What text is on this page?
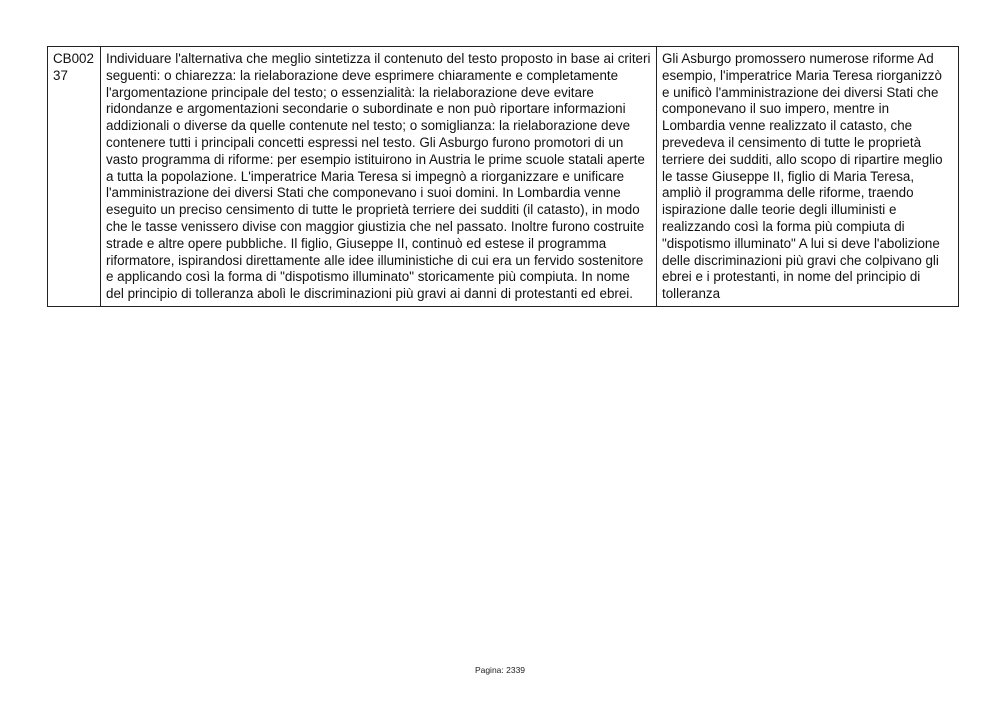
CB00237	Individuare l'alternativa che meglio sintetizza il contenuto del testo proposto in base ai criteri seguenti: o chiarezza: la rielaborazione deve esprimere chiaramente e completamente l'argomentazione principale del testo; o essenzialità: la rielaborazione deve evitare ridondanze e argomentazioni secondarie o subordinate e non può riportare informazioni addizionali o diverse da quelle contenute nel testo; o somiglianza: la rielaborazione deve contenere tutti i principali concetti espressi nel testo. Gli Asburgo furono promotori di un vasto programma di riforme: per esempio istituirono in Austria le prime scuole statali aperte a tutta la popolazione. L'imperatrice Maria Teresa si impegnò a riorganizzare e unificare l'amministrazione dei diversi Stati che componevano i suoi domini. In Lombardia venne eseguito un preciso censimento di tutte le proprietà terriere dei sudditi (il catasto), in modo che le tasse venissero divise con maggior giustizia che nel passato. Inoltre furono costruite strade e altre opere pubbliche. Il figlio, Giuseppe II, continuò ed estese il programma riformatore, ispirandosi direttamente alle idee illuministiche di cui era un fervido sostenitore e applicando così la forma di "dispotismo illuminato" storicamente più compiuta. In nome del principio di tolleranza abolì le discriminazioni più gravi ai danni di protestanti ed ebrei.	Gli Asburgo promossero numerose riforme Ad esempio, l'imperatrice Maria Teresa riorganizzò e unificò l'amministrazione dei diversi Stati che componevano il suo impero, mentre in Lombardia venne realizzato il catasto, che prevedeva il censimento di tutte le proprietà terriere dei sudditi, allo scopo di ripartire meglio le tasse Giuseppe II, figlio di Maria Teresa, ampliò il programma delle riforme, traendo ispirazione dalle teorie degli illuministi e realizzando così la forma più compiuta di "dispotismo illuminato" A lui si deve l'abolizione delle discriminazioni più gravi che colpivano gli ebrei e i protestanti, in nome del principio di tolleranza
Pagina: 2339
